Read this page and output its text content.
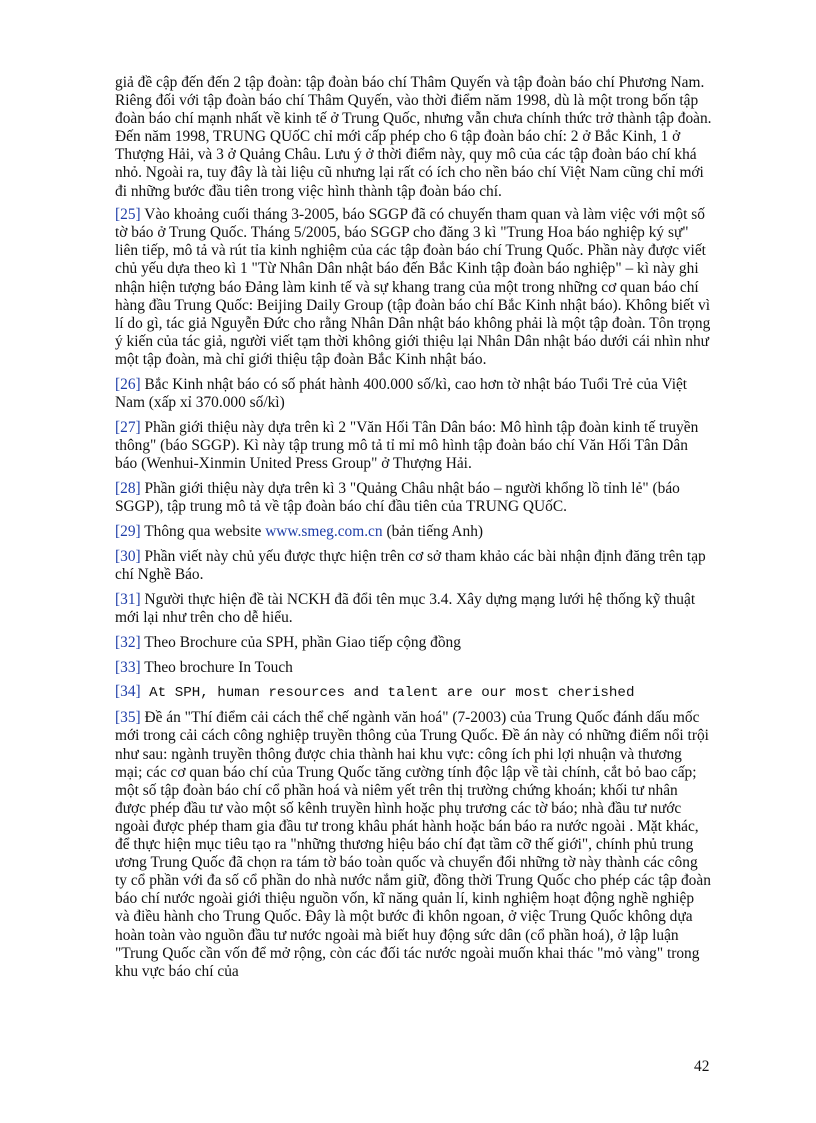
giả đề cập đến đến 2 tập đoàn: tập đoàn báo chí Thâm Quyến và tập đoàn báo chí Phương Nam. Riêng đối với tập đoàn báo chí Thâm Quyến, vào thời điểm năm 1998, dù là một trong bốn tập đoàn báo chí mạnh nhất về kinh tế ở Trung Quốc, nhưng vẫn chưa chính thức trở thành tập đoàn. Đến năm 1998, TRUNG QUốC chỉ mới cấp phép cho 6 tập đoàn báo chí: 2 ở Bắc Kinh, 1 ở Thượng Hải, và 3 ở Quảng Châu. Lưu ý ở thời điểm này, quy mô của các tập đoàn báo chí khá nhỏ. Ngoài ra, tuy đây là tài liệu cũ nhưng lại rất có ích cho nền báo chí Việt Nam cũng chỉ mới đi những bước đầu tiên trong việc hình thành tập đoàn báo chí.

[25] Vào khoảng cuối tháng 3-2005, báo SGGP đã có chuyến tham quan và làm việc với một số tờ báo ở Trung Quốc. Tháng 5/2005, báo SGGP cho đăng 3 kì "Trung Hoa báo nghiệp ký sự" liên tiếp, mô tả và rút tỉa kinh nghiệm của các tập đoàn báo chí Trung Quốc. Phần này được viết chủ yếu dựa theo kì 1 "Từ Nhân Dân nhật báo đến Bắc Kinh tập đoàn báo nghiệp" – kì này ghi nhận hiện tượng báo Đảng làm kinh tế và sự khang trang của một trong những cơ quan báo chí hàng đầu Trung Quốc: Beijing Daily Group (tập đoàn báo chí Bắc Kinh nhật báo). Không biết vì lí do gì, tác giả Nguyễn Đức cho rằng Nhân Dân nhật báo không phải là một tập đoàn. Tôn trọng ý kiến của tác giả, người viết tạm thời không giới thiệu lại Nhân Dân nhật báo dưới cái nhìn như một tập đoàn, mà chỉ giới thiệu tập đoàn Bắc Kinh nhật báo.

[26] Bắc Kinh nhật báo có số phát hành 400.000 số/kì, cao hơn tờ nhật báo Tuổi Trẻ của Việt Nam (xấp xỉ 370.000 số/kì)

[27] Phần giới thiệu này dựa trên kì 2 "Văn Hối Tân Dân báo: Mô hình tập đoàn kinh tế truyền thông" (báo SGGP). Kì này tập trung mô tả tỉ mỉ mô hình tập đoàn báo chí Văn Hối Tân Dân báo (Wenhui-Xinmin United Press Group" ở Thượng Hải.

[28] Phần giới thiệu này dựa trên kì 3 "Quảng Châu nhật báo – người khổng lồ tỉnh lẻ" (báo SGGP), tập trung mô tả về tập đoàn báo chí đầu tiên của TRUNG QUốC.

[29] Thông qua website www.smeg.com.cn (bản tiếng Anh)

[30] Phần viết này chủ yếu được thực hiện trên cơ sở tham khảo các bài nhận định đăng trên tạp chí Nghề Báo.

[31] Người thực hiện đề tài NCKH đã đổi tên mục 3.4. Xây dựng mạng lưới hệ thống kỹ thuật mới lại như trên cho dễ hiểu.

[32] Theo Brochure của SPH, phần Giao tiếp cộng đồng

[33] Theo brochure In Touch

[34] At SPH, human resources and talent are our most cherished

[35] Đề án "Thí điểm cải cách thể chế ngành văn hoá" (7-2003) của Trung Quốc đánh dấu mốc mới trong cải cách công nghiệp truyền thông của Trung Quốc. Đề án này có những điểm nổi trội như sau: ngành truyền thông được chia thành hai khu vực: công ích phi lợi nhuận và thương mại; các cơ quan báo chí của Trung Quốc tăng cường tính độc lập về tài chính, cắt bỏ bao cấp; một số tập đoàn báo chí cổ phần hoá và niêm yết trên thị trường chứng khoán; khối tư nhân được phép đầu tư vào một số kênh truyền hình hoặc phụ trương các tờ báo; nhà đầu tư nước ngoài được phép tham gia đầu tư trong khâu phát hành hoặc bán báo ra nước ngoài . Mặt khác, để thực hiện mục tiêu tạo ra "những thương hiệu báo chí đạt tầm cỡ thế giới", chính phủ trung ương Trung Quốc đã chọn ra tám tờ báo toàn quốc và chuyển đổi những tờ này thành các công ty cổ phần với đa số cổ phần do nhà nước nắm giữ, đồng thời Trung Quốc cho phép các tập đoàn báo chí nước ngoài giới thiệu nguồn vốn, kĩ năng quản lí, kinh nghiệm hoạt động nghề nghiệp và điều hành cho Trung Quốc. Đây là một bước đi khôn ngoan, ở việc Trung Quốc không dựa hoàn toàn vào nguồn đầu tư nước ngoài mà biết huy động sức dân (cổ phần hoá), ở lập luận "Trung Quốc cần vốn để mở rộng, còn các đối tác nước ngoài muốn khai thác "mỏ vàng" trong khu vực báo chí của

42
